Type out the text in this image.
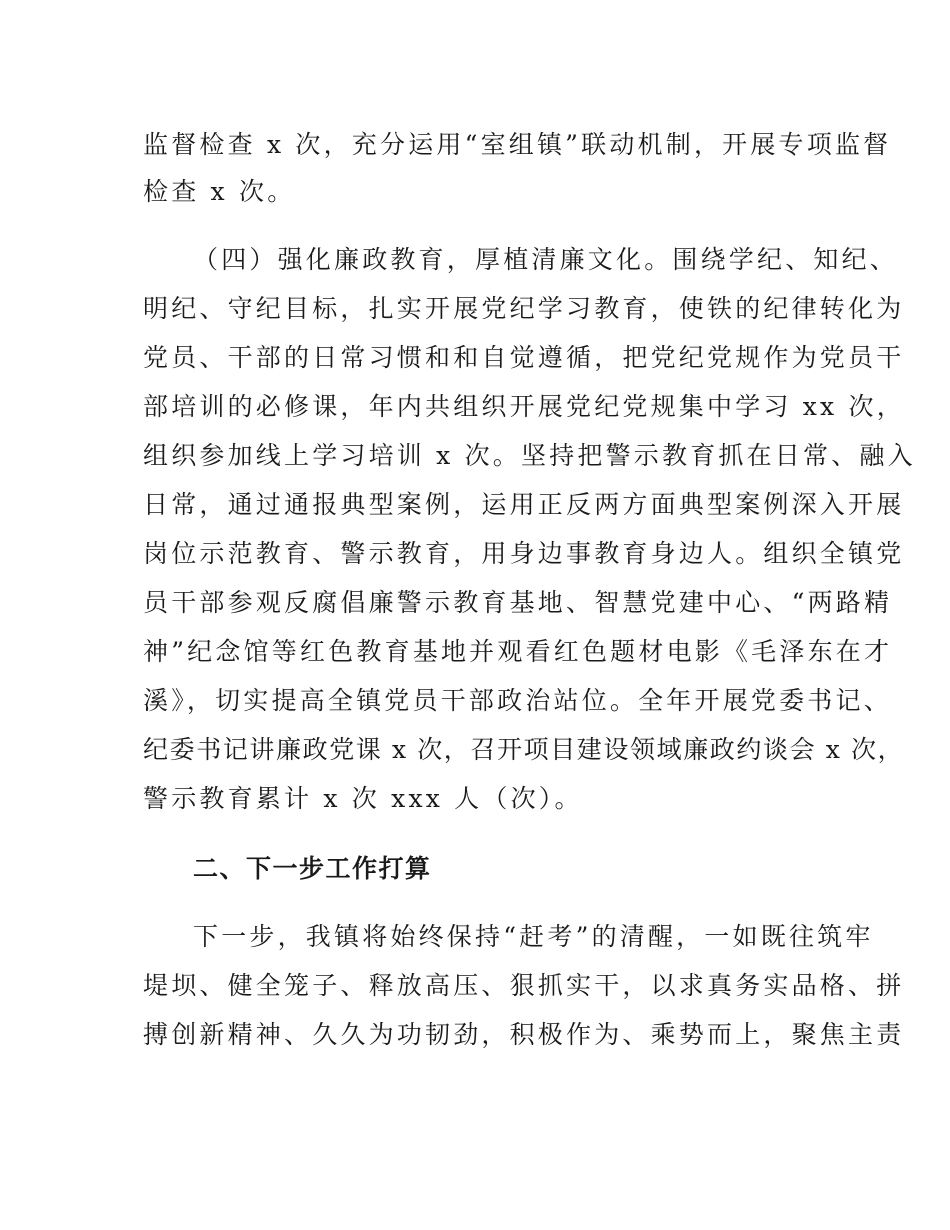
监督检查 x 次，充分运用“室组镇”联动机制，开展专项监督
检查 x 次。
（四）强化廉政教育，厚植清廉文化。围绕学纪、知纪、
明纪、守纪目标，扎实开展党纪学习教育，使铁的纪律转化为
党员、干部的日常习惯和和自觉遵循，把党纪党规作为党员干
部培训的必修课，年内共组织开展党纪党规集中学习 xx 次，
组织参加线上学习培训 x 次。坚持把警示教育抓在日常、融入
日常，通过通报典型案例，运用正反两方面典型案例深入开展
岗位示范教育、警示教育，用身边事教育身边人。组织全镇党
员干部参观反腐倡廉警示教育基地、智慧党建中心、“两路精
神”纪念馆等红色教育基地并观看红色题材电影《毛泽东在才
溪》，切实提高全镇党员干部政治站位。全年开展党委书记、
纪委书记讲廉政党课 x 次，召开项目建设领域廉政约谈会 x 次，
警示教育累计 x 次 xxx 人（次）。
二、下一步工作打算
下一步，我镇将始终保持“赶考”的清醒，一如既往筑牢
堤坝、健全笼子、释放高压、狠抓实干，以求真务实品格、拼
搏创新精神、久久为功韧劲，积极作为、乘势而上，聚焦主责
